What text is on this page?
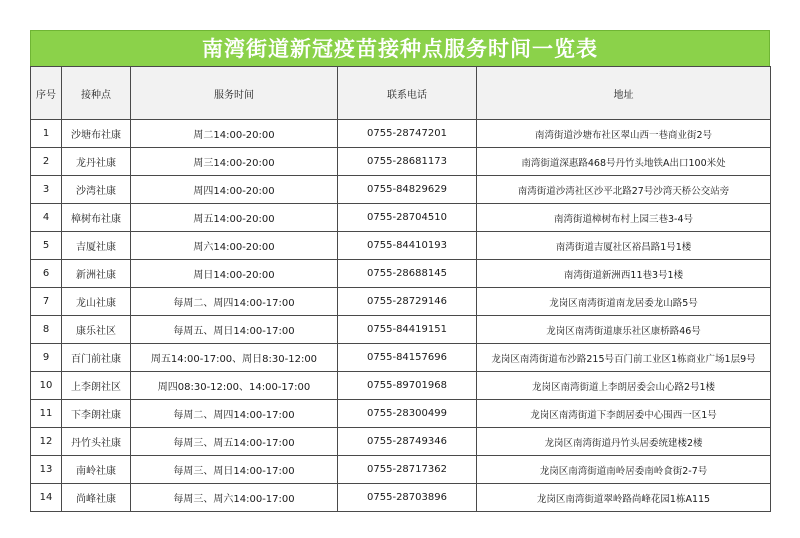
南湾街道新冠疫苗接种点服务时间一览表
序号	接种点	服务时间	联系电话	地址
1	沙塘布社康	周二14:00-20:00	0755-28747201	南湾街道沙塘布社区翠山西一巷商业街2号
2	龙丹社康	周三14:00-20:00	0755-28681173	南湾街道深惠路468号丹竹头地铁A出口100米处
3	沙湾社康	周四14:00-20:00	0755-84829629	南湾街道沙湾社区沙平北路27号沙湾天桥公交站旁
4	樟树布社康	周五14:00-20:00	0755-28704510	南湾街道樟树布村上园三巷3-4号
5	吉厦社康	周六14:00-20:00	0755-84410193	南湾街道吉厦社区裕昌路1号1楼
6	新洲社康	周日14:00-20:00	0755-28688145	南湾街道新洲西11巷3号1楼
7	龙山社康	每周二、周四14:00-17:00	0755-28729146	龙岗区南湾街道南龙居委龙山路5号
8	康乐社区	每周五、周日14:00-17:00	0755-84419151	龙岗区南湾街道康乐社区康桥路46号
9	百门前社康	周五14:00-17:00、周日8:30-12:00	0755-84157696	龙岗区南湾街道布沙路215号百门前工业区1栋商业广场1层9号
10	上李朗社区	周四08:30-12:00、14:00-17:00	0755-89701968	龙岗区南湾街道上李朗居委会山心路2号1楼
11	下李朗社康	每周二、周四14:00-17:00	0755-28300499	龙岗区南湾街道下李朗居委中心围西一区1号
12	丹竹头社康	每周三、周五14:00-17:00	0755-28749346	龙岗区南湾街道丹竹头居委统建楼2楼
13	南岭社康	每周三、周日14:00-17:00	0755-28717362	龙岗区南湾街道南岭居委南岭食街2-7号
14	尚峰社康	每周三、周六14:00-17:00	0755-28703896	龙岗区南湾街道翠岭路尚峰花园1栋A115
